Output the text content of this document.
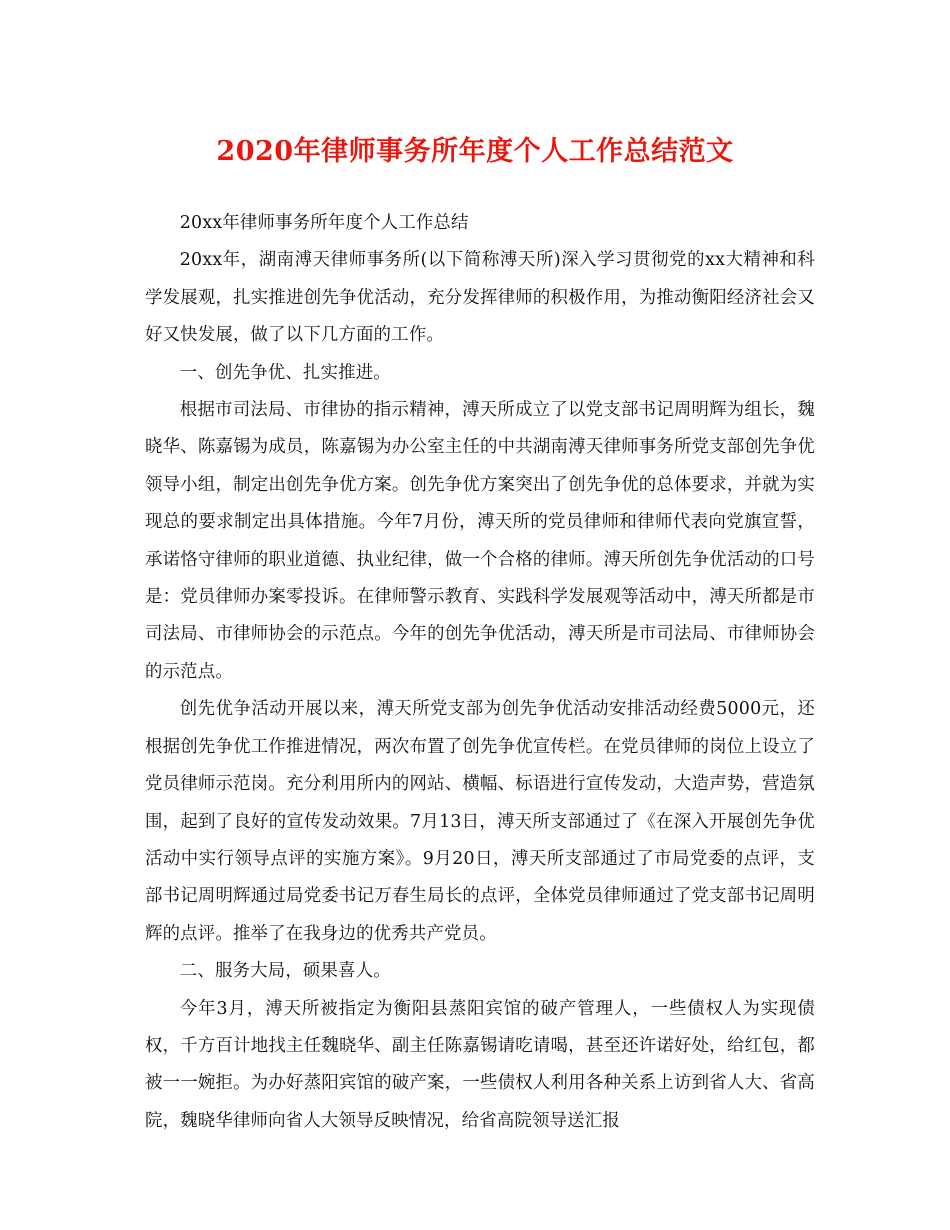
2020年律师事务所年度个人工作总结范文

20xx年律师事务所年度个人工作总结

20xx年，湖南溥天律师事务所(以下简称溥天所)深入学习贯彻党的xx大精神和科学发展观，扎实推进创先争优活动，充分发挥律师的积极作用，为推动衡阳经济社会又好又快发展，做了以下几方面的工作。

一、创先争优、扎实推进。

根据市司法局、市律协的指示精神，溥天所成立了以党支部书记周明辉为组长，魏晓华、陈嘉锡为成员，陈嘉锡为办公室主任的中共湖南溥天律师事务所党支部创先争优领导小组，制定出创先争优方案。创先争优方案突出了创先争优的总体要求，并就为实现总的要求制定出具体措施。今年7月份，溥天所的党员律师和律师代表向党旗宣誓，承诺恪守律师的职业道德、执业纪律，做一个合格的律师。溥天所创先争优活动的口号是：党员律师办案零投诉。在律师警示教育、实践科学发展观等活动中，溥天所都是市司法局、市律师协会的示范点。今年的创先争优活动，溥天所是市司法局、市律师协会的示范点。

创先优争活动开展以来，溥天所党支部为创先争优活动安排活动经费5000元，还根据创先争优工作推进情况，两次布置了创先争优宣传栏。在党员律师的岗位上设立了党员律师示范岗。充分利用所内的网站、横幅、标语进行宣传发动，大造声势，营造氛围，起到了良好的宣传发动效果。7月13日，溥天所支部通过了《在深入开展创先争优活动中实行领导点评的实施方案》。9月20日，溥天所支部通过了市局党委的点评，支部书记周明辉通过局党委书记万春生局长的点评，全体党员律师通过了党支部书记周明辉的点评。推举了在我身边的优秀共产党员。

二、服务大局，硕果喜人。

今年3月，溥天所被指定为衡阳县蒸阳宾馆的破产管理人，一些债权人为实现债权，千方百计地找主任魏晓华、副主任陈嘉锡请吃请喝，甚至还许诺好处，给红包，都被一一婉拒。为办好蒸阳宾馆的破产案，一些债权人利用各种关系上访到省人大、省高院，魏晓华律师向省人大领导反映情况，给省高院领导送汇报
